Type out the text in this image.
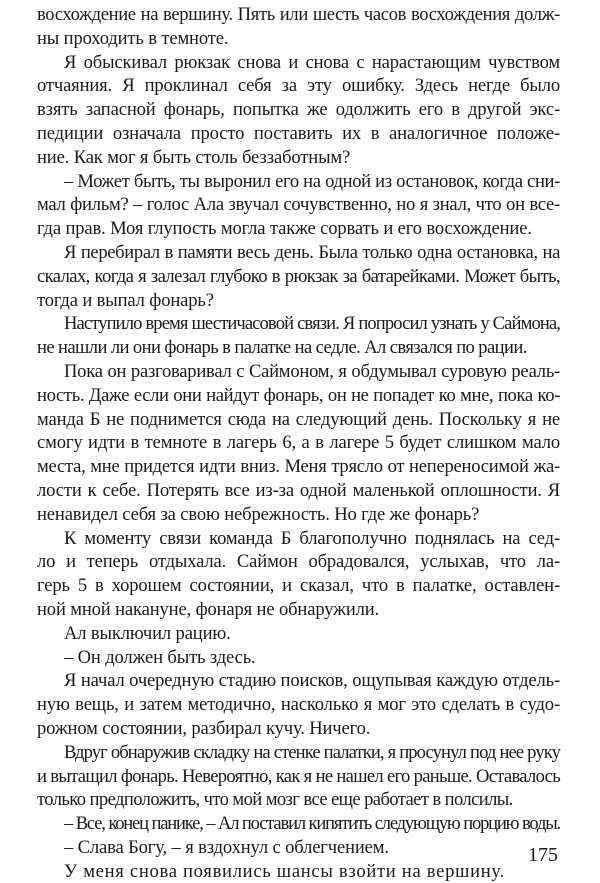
восхождение на вершину. Пять или шесть часов восхождения долж-
ны проходить в темноте.
Я обыскивал рюкзак снова и снова с нарастающим чувством
отчаяния. Я проклинал себя за эту ошибку. Здесь негде было
взять запасной фонарь, попытка же одолжить его в другой экс-
педиции означала просто поставить их в аналогичное положе-
ние. Как мог я быть столь беззаботным?
– Может быть, ты выронил его на одной из остановок, когда сни-
мал фильм? – голос Ала звучал сочувственно, но я знал, что он все-
гда прав. Моя глупость могла также сорвать и его восхождение.
Я перебирал в памяти весь день. Была только одна остановка, на
скалах, когда я залезал глубоко в рюкзак за батарейками. Может быть,
тогда и выпал фонарь?
Наступило время шестичасовой связи. Я попросил узнать у Саймона,
не нашли ли они фонарь в палатке на седле. Ал связался по рации.
Пока он разговаривал с Саймоном, я обдумывал суровую реаль-
ность. Даже если они найдут фонарь, он не попадет ко мне, пока ко-
манда Б не поднимется сюда на следующий день. Поскольку я не
смогу идти в темноте в лагерь 6, а в лагере 5 будет слишком мало
места, мне придется идти вниз. Меня трясло от непереносимой жа-
лости к себе. Потерять все из-за одной маленькой оплошности. Я
ненавидел себя за свою небрежность. Но где же фонарь?
К моменту связи команда Б благополучно поднялась на сед-
ло и теперь отдыхала. Саймон обрадовался, услыхав, что ла-
герь 5 в хорошем состоянии, и сказал, что в палатке, оставлен-
ной мной накануне, фонаря не обнаружили.
Ал выключил рацию.
– Он должен быть здесь.
Я начал очередную стадию поисков, ощупывая каждую отдель-
ную вещь, и затем методично, насколько я мог это сделать в судо-
рожном состоянии, разбирал кучу. Ничего.
Вдруг обнаружив складку на стенке палатки, я просунул под нее руку
и вытащил фонарь. Невероятно, как я не нашел его раньше. Оставалось
только предположить, что мой мозг все еще работает в полсилы.
– Все, конец панике, – Ал поставил кипятить следующую порцию воды.
– Слава Богу, – я вздохнул с облегчением.
У меня снова появились шансы взойти на вершину.
175
